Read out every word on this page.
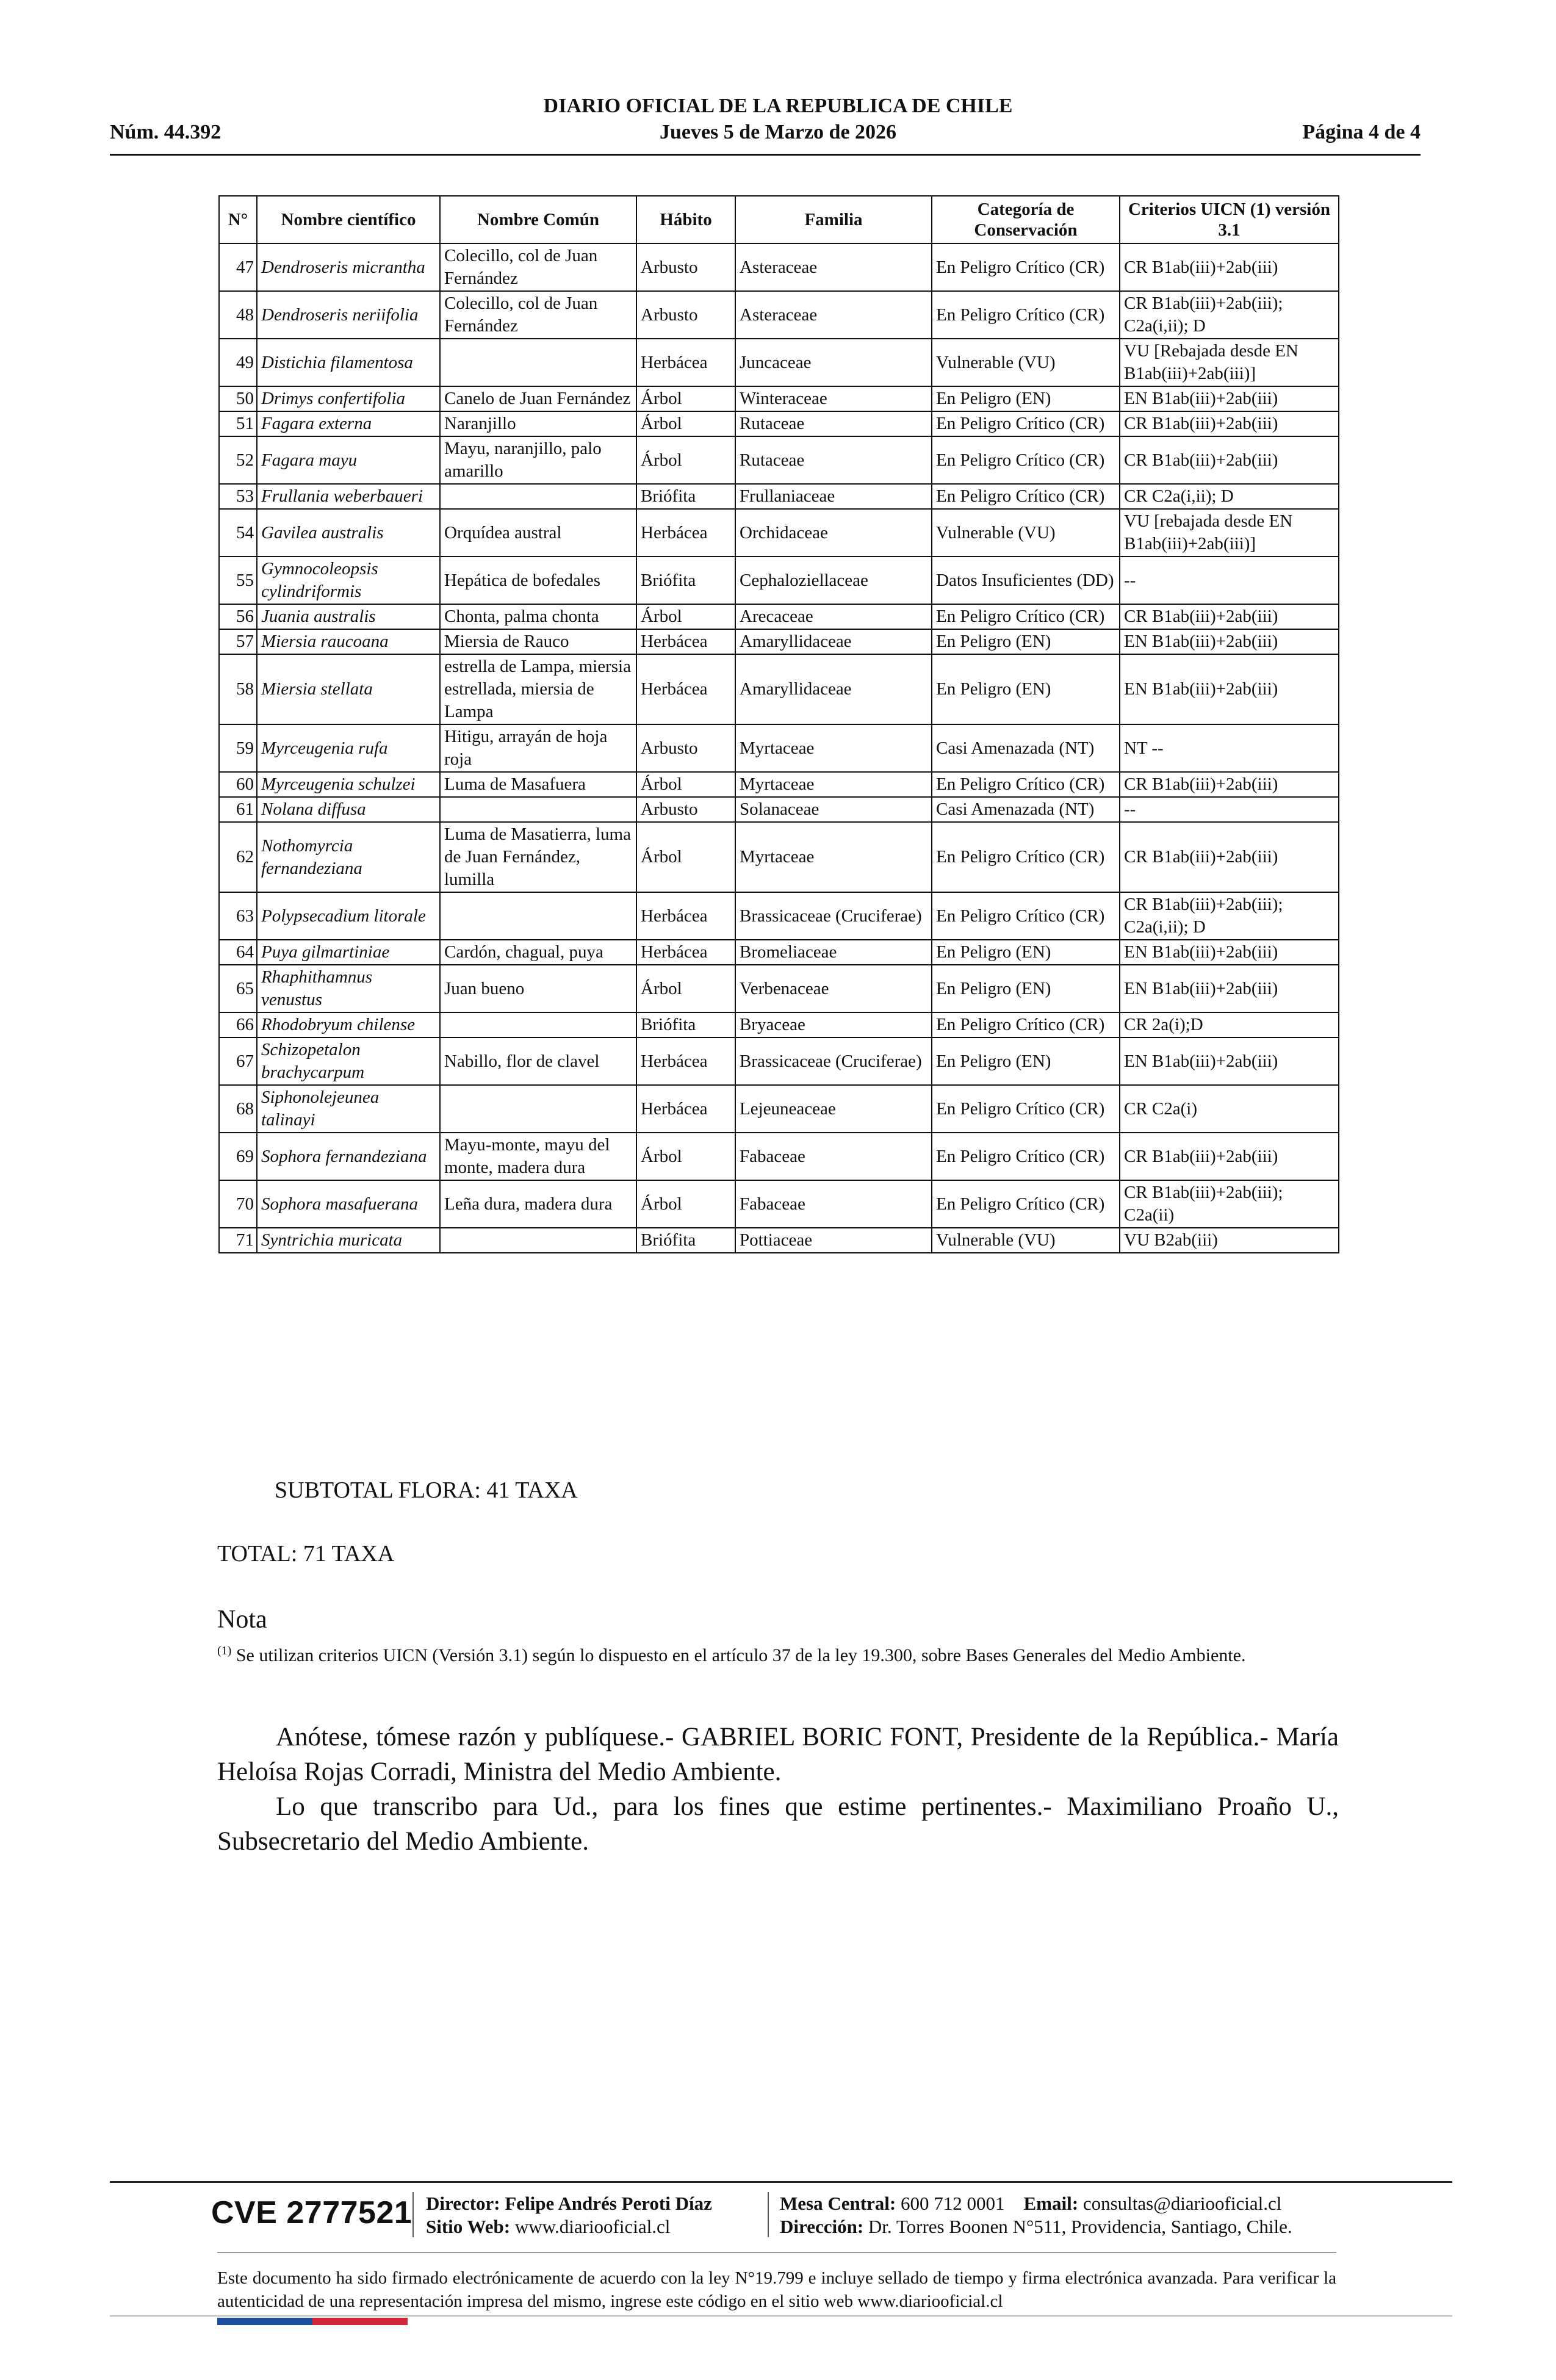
DIARIO OFICIAL DE LA REPUBLICA DE CHILE
Núm. 44.392	Jueves 5 de Marzo de 2026	Página 4 de 4
N°	Nombre científico	Nombre Común	Hábito	Familia	Categoría de Conservación	Criterios UICN (1) versión 3.1
47	Dendroseris micrantha	Colecillo, col de Juan Fernández	Arbusto	Asteraceae	En Peligro Crítico (CR)	CR B1ab(iii)+2ab(iii)
48	Dendroseris neriifolia	Colecillo, col de Juan Fernández	Arbusto	Asteraceae	En Peligro Crítico (CR)	CR B1ab(iii)+2ab(iii); C2a(i,ii); D
49	Distichia filamentosa		Herbácea	Juncaceae	Vulnerable (VU)	VU [Rebajada desde EN B1ab(iii)+2ab(iii)]
50	Drimys confertifolia	Canelo de Juan Fernández	Árbol	Winteraceae	En Peligro (EN)	EN B1ab(iii)+2ab(iii)
51	Fagara externa	Naranjillo	Árbol	Rutaceae	En Peligro Crítico (CR)	CR B1ab(iii)+2ab(iii)
52	Fagara mayu	Mayu, naranjillo, palo amarillo	Árbol	Rutaceae	En Peligro Crítico (CR)	CR B1ab(iii)+2ab(iii)
53	Frullania weberbaueri		Briófita	Frullaniaceae	En Peligro Crítico (CR)	CR C2a(i,ii); D
54	Gavilea australis	Orquídea austral	Herbácea	Orchidaceae	Vulnerable (VU)	VU [rebajada desde EN B1ab(iii)+2ab(iii)]
55	Gymnocoleopsis cylindriformis	Hepática de bofedales	Briófita	Cephaloziellaceae	Datos Insuficientes (DD)	--
56	Juania australis	Chonta, palma chonta	Árbol	Arecaceae	En Peligro Crítico (CR)	CR B1ab(iii)+2ab(iii)
57	Miersia raucoana	Miersia de Rauco	Herbácea	Amaryllidaceae	En Peligro (EN)	EN B1ab(iii)+2ab(iii)
58	Miersia stellata	estrella de Lampa, miersia estrellada, miersia de Lampa	Herbácea	Amaryllidaceae	En Peligro (EN)	EN B1ab(iii)+2ab(iii)
59	Myrceugenia rufa	Hitigu, arrayán de hoja roja	Arbusto	Myrtaceae	Casi Amenazada (NT)	NT --
60	Myrceugenia schulzei	Luma de Masafuera	Árbol	Myrtaceae	En Peligro Crítico (CR)	CR B1ab(iii)+2ab(iii)
61	Nolana diffusa		Arbusto	Solanaceae	Casi Amenazada (NT)	--
62	Nothomyrcia fernandeziana	Luma de Masatierra, luma de Juan Fernández, lumilla	Árbol	Myrtaceae	En Peligro Crítico (CR)	CR B1ab(iii)+2ab(iii)
63	Polypsecadium litorale		Herbácea	Brassicaceae (Cruciferae)	En Peligro Crítico (CR)	CR B1ab(iii)+2ab(iii); C2a(i,ii); D
64	Puya gilmartiniae	Cardón, chagual, puya	Herbácea	Bromeliaceae	En Peligro (EN)	EN B1ab(iii)+2ab(iii)
65	Rhaphithamnus venustus	Juan bueno	Árbol	Verbenaceae	En Peligro (EN)	EN B1ab(iii)+2ab(iii)
66	Rhodobryum chilense		Briófita	Bryaceae	En Peligro Crítico (CR)	CR 2a(i);D
67	Schizopetalon brachycarpum	Nabillo, flor de clavel	Herbácea	Brassicaceae (Cruciferae)	En Peligro (EN)	EN B1ab(iii)+2ab(iii)
68	Siphonolejeunea talinayi		Herbácea	Lejeuneaceae	En Peligro Crítico (CR)	CR C2a(i)
69	Sophora fernandeziana	Mayu-monte, mayu del monte, madera dura	Árbol	Fabaceae	En Peligro Crítico (CR)	CR B1ab(iii)+2ab(iii)
70	Sophora masafuerana	Leña dura, madera dura	Árbol	Fabaceae	En Peligro Crítico (CR)	CR B1ab(iii)+2ab(iii); C2a(ii)
71	Syntrichia muricata		Briófita	Pottiaceae	Vulnerable (VU)	VU B2ab(iii)
SUBTOTAL FLORA: 41 TAXA
TOTAL: 71 TAXA
Nota
$^{(1)}$ Se utilizan criterios UICN (Versión 3.1) según lo dispuesto en el artículo 37 de la ley 19.300, sobre Bases Generales del Medio Ambiente.

Anótese, tómese razón y publíquese.- GABRIEL BORIC FONT, Presidente de la República.- María Heloísa Rojas Corradi, Ministra del Medio Ambiente.

Lo que transcribo para Ud., para los fines que estime pertinentes.- Maximiliano Proaño U., Subsecretario del Medio Ambiente.

CVE 2777521 Director: Felipe Andrés Peroti Díaz
Sitio Web: www.diariooficial.cl
Mesa Central: 600 712 0001 Email: consultas@diariooficial.cl
Dirección: Dr. Torres Boonen N°511, Providencia, Santiago, Chile.
Este documento ha sido firmado electrónicamente de acuerdo con la ley N°19.799 e incluye sellado de tiempo y firma electrónica avanzada. Para verificar la autenticidad de una representación impresa del mismo, ingrese este código en el sitio web www.diariooficial.cl
